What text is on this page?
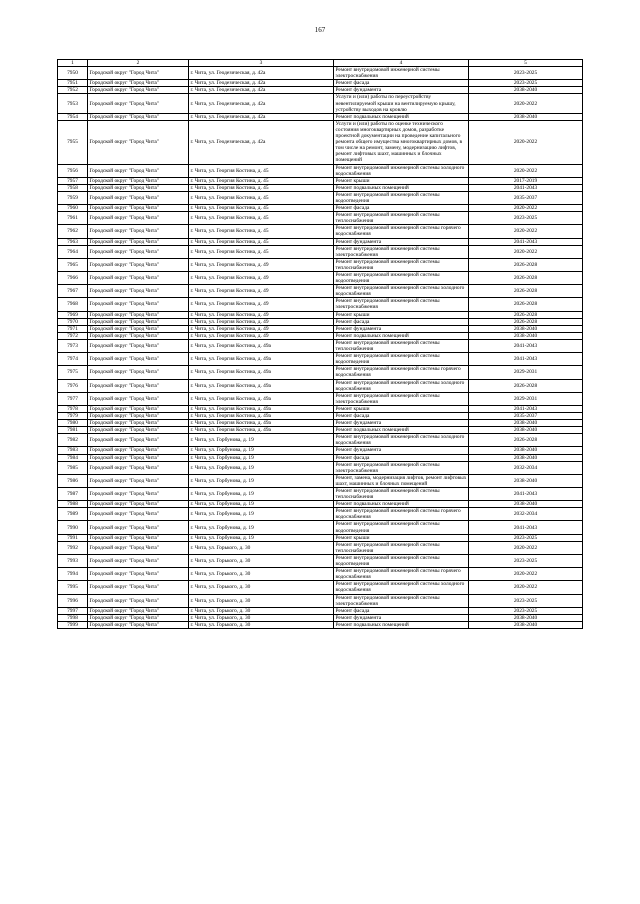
167
1	2	3	4	5
7950	Городской округ "Город Чита"	г. Чита, ул. Геодезическая, д. 42а	Ремонт внутридомовой инженерной системы электроснабжения	2023-2025
7951	Городской округ "Город Чита"	г. Чита, ул. Геодезическая, д. 42а	Ремонт фасада	2023-2025
7952	Городской округ "Город Чита"	г. Чита, ул. Геодезическая, д. 42а	Ремонт фундамента	2038-2040
7953	Городской округ "Город Чита"	г. Чита, ул. Геодезическая, д. 42а	Услуги и (или) работы по переустройству невентилируемой крыши на вентилируемую крышу, устройству выходов на кровлю	2020-2022
7954	Городской округ "Город Чита"	г. Чита, ул. Геодезическая, д. 42а	Ремонт подвальных помещений	2038-2040
7955	Городской округ "Город Чита"	г. Чита, ул. Геодезическая, д. 42а	Услуги и (или) работы по оценке технического состояния многоквартирных домов, разработке проектной документации на проведение капитального ремонта общего имущества многоквартирных домов, в том числе на ремонт, замену, модернизацию лифтов, ремонт лифтовых шахт, машинных и блочных помещений	2020-2022
7956	Городской округ "Город Чита"	г. Чита, ул. Георгия Костина, д. 45	Ремонт внутридомовой инженерной системы холодного водоснабжения	2020-2022
7957	Городской округ "Город Чита"	г. Чита, ул. Георгия Костина, д. 45	Ремонт крыши	2017-2019
7958	Городской округ "Город Чита"	г. Чита, ул. Георгия Костина, д. 45	Ремонт подвальных помещений	2041-2043
7959	Городской округ "Город Чита"	г. Чита, ул. Георгия Костина, д. 45	Ремонт внутридомовой инженерной системы водоотведения	2035-2037
7960	Городской округ "Город Чита"	г. Чита, ул. Георгия Костина, д. 45	Ремонт фасада	2020-2022
7961	Городской округ "Город Чита"	г. Чита, ул. Георгия Костина, д. 45	Ремонт внутридомовой инженерной системы теплоснабжения	2023-2025
7962	Городской округ "Город Чита"	г. Чита, ул. Георгия Костина, д. 45	Ремонт внутридомовой инженерной системы горячего водоснабжения	2020-2022
7963	Городской округ "Город Чита"	г. Чита, ул. Георгия Костина, д. 45	Ремонт фундамента	2041-2043
7964	Городской округ "Город Чита"	г. Чита, ул. Георгия Костина, д. 45	Ремонт внутридомовой инженерной системы электроснабжения	2020-2022
7965	Городской округ "Город Чита"	г. Чита, ул. Георгия Костина, д. 49	Ремонт внутридомовой инженерной системы теплоснабжения	2026-2028
7966	Городской округ "Город Чита"	г. Чита, ул. Георгия Костина, д. 49	Ремонт внутридомовой инженерной системы водоотведения	2026-2028
7967	Городской округ "Город Чита"	г. Чита, ул. Георгия Костина, д. 49	Ремонт внутридомовой инженерной системы холодного водоснабжения	2026-2028
7968	Городской округ "Город Чита"	г. Чита, ул. Георгия Костина, д. 49	Ремонт внутридомовой инженерной системы электроснабжения	2026-2028
7969	Городской округ "Город Чита"	г. Чита, ул. Георгия Костина, д. 49	Ремонт крыши	2026-2028
7970	Городской округ "Город Чита"	г. Чита, ул. Георгия Костина, д. 49	Ремонт фасада	2026-2028
7971	Городской округ "Город Чита"	г. Чита, ул. Георгия Костина, д. 49	Ремонт фундамента	2038-2040
7972	Городской округ "Город Чита"	г. Чита, ул. Георгия Костина, д. 49	Ремонт подвальных помещений	2038-2040
7973	Городской округ "Город Чита"	г. Чита, ул. Георгия Костина, д. 49а	Ремонт внутридомовой инженерной системы теплоснабжения	2041-2043
7974	Городской округ "Город Чита"	г. Чита, ул. Георгия Костина, д. 49а	Ремонт внутридомовой инженерной системы водоотведения	2041-2043
7975	Городской округ "Город Чита"	г. Чита, ул. Георгия Костина, д. 49а	Ремонт внутридомовой инженерной системы горячего водоснабжения	2029-2031
7976	Городской округ "Город Чита"	г. Чита, ул. Георгия Костина, д. 49а	Ремонт внутридомовой инженерной системы холодного водоснабжения	2026-2028
7977	Городской округ "Город Чита"	г. Чита, ул. Георгия Костина, д. 49а	Ремонт внутридомовой инженерной системы электроснабжения	2029-2031
7978	Городской округ "Город Чита"	г. Чита, ул. Георгия Костина, д. 49а	Ремонт крыши	2041-2043
7979	Городской округ "Город Чита"	г. Чита, ул. Георгия Костина, д. 49а	Ремонт фасада	2035-2037
7980	Городской округ "Город Чита"	г. Чита, ул. Георгия Костина, д. 49а	Ремонт фундамента	2038-2040
7981	Городской округ "Город Чита"	г. Чита, ул. Георгия Костина, д. 49а	Ремонт подвальных помещений	2038-2040
7982	Городской округ "Город Чита"	г. Чита, ул. Горбунова, д. 19	Ремонт внутридомовой инженерной системы холодного водоснабжения	2026-2028
7983	Городской округ "Город Чита"	г. Чита, ул. Горбунова, д. 19	Ремонт фундамента	2038-2040
7984	Городской округ "Город Чита"	г. Чита, ул. Горбунова, д. 19	Ремонт фасада	2038-2040
7985	Городской округ "Город Чита"	г. Чита, ул. Горбунова, д. 19	Ремонт внутридомовой инженерной системы электроснабжения	2032-2034
7986	Городской округ "Город Чита"	г. Чита, ул. Горбунова, д. 19	Ремонт, замена, модернизация лифтов, ремонт лифтовых шахт, машинных и блочных помещений	2038-2040
7987	Городской округ "Город Чита"	г. Чита, ул. Горбунова, д. 19	Ремонт внутридомовой инженерной системы теплоснабжения	2041-2043
7988	Городской округ "Город Чита"	г. Чита, ул. Горбунова, д. 19	Ремонт подвальных помещений	2038-2040
7989	Городской округ "Город Чита"	г. Чита, ул. Горбунова, д. 19	Ремонт внутридомовой инженерной системы горячего водоснабжения	2032-2034
7990	Городской округ "Город Чита"	г. Чита, ул. Горбунова, д. 19	Ремонт внутридомовой инженерной системы водоотведения	2041-2043
7991	Городской округ "Город Чита"	г. Чита, ул. Горбунова, д. 19	Ремонт крыши	2023-2025
7992	Городской округ "Город Чита"	г. Чита, ул. Горького, д. 30	Ремонт внутридомовой инженерной системы теплоснабжения	2020-2022
7993	Городской округ "Город Чита"	г. Чита, ул. Горького, д. 30	Ремонт внутридомовой инженерной системы водоотведения	2023-2025
7994	Городской округ "Город Чита"	г. Чита, ул. Горького, д. 30	Ремонт внутридомовой инженерной системы горячего водоснабжения	2020-2022
7995	Городской округ "Город Чита"	г. Чита, ул. Горького, д. 30	Ремонт внутридомовой инженерной системы холодного водоснабжения	2020-2022
7996	Городской округ "Город Чита"	г. Чита, ул. Горького, д. 30	Ремонт внутридомовой инженерной системы электроснабжения	2023-2025
7997	Городской округ "Город Чита"	г. Чита, ул. Горького, д. 30	Ремонт фасада	2023-2025
7998	Городской округ "Город Чита"	г. Чита, ул. Горького, д. 30	Ремонт фундамента	2038-2040
7999	Городской округ "Город Чита"	г. Чита, ул. Горького, д. 30	Ремонт подвальных помещений	2038-2040
